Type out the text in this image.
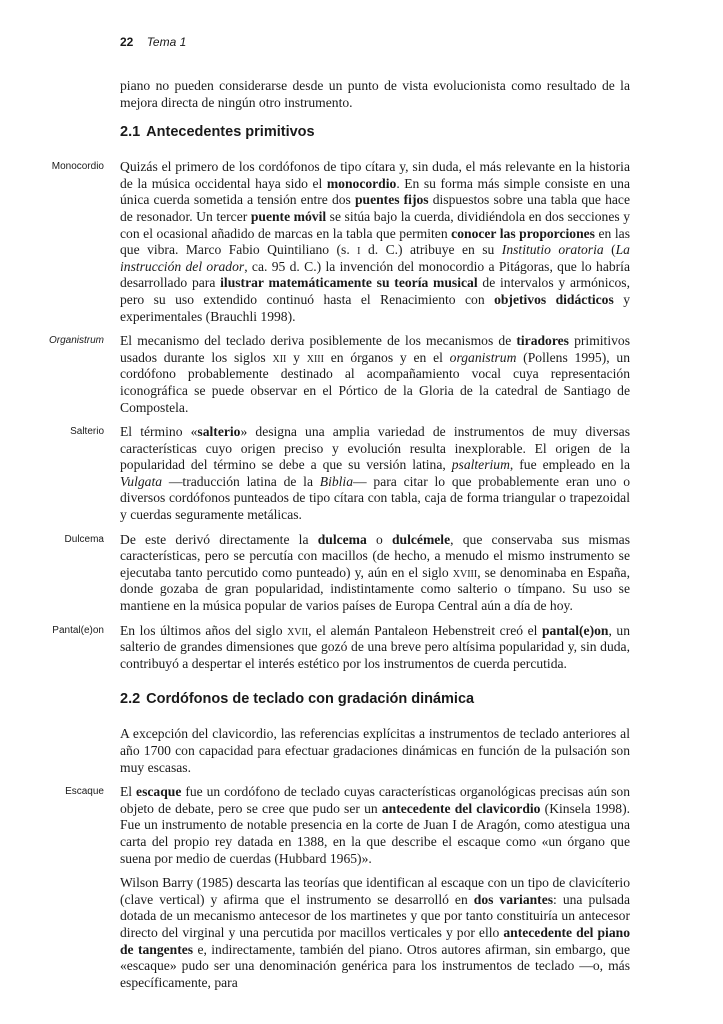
22 Tema 1

piano no pueden considerarse desde un punto de vista evolucionista como resultado de la mejora directa de ningún otro instrumento.

2.1 Antecedentes primitivos

Monocordio Quizás el primero de los cordófonos de tipo cítara y, sin duda, el más relevante en la historia de la música occidental haya sido el monocordio. En su forma más simple consiste en una única cuerda sometida a tensión entre dos puentes fijos dispuestos sobre una tabla que hace de resonador. Un tercer puente móvil se sitúa bajo la cuerda, dividiéndola en dos secciones y con el ocasional añadido de marcas en la tabla que permiten conocer las proporciones en las que vibra. Marco Fabio Quintiliano (s. i d. C.) atribuye en su Institutio oratoria (La instrucción del orador, ca. 95 d. C.) la invención del monocordio a Pitágoras, que lo habría desarrollado para ilustrar matemáticamente su teoría musical de intervalos y armónicos, pero su uso extendido continuó hasta el Renacimiento con objetivos didácticos y experimentales (Brauchli 1998).

Organistrum El mecanismo del teclado deriva posiblemente de los mecanismos de tiradores primitivos usados durante los siglos xii y xiii en órganos y en el organistrum (Pollens 1995), un cordófono probablemente destinado al acompañamiento vocal cuya representación iconográfica se puede observar en el Pórtico de la Gloria de la catedral de Santiago de Compostela.

Salterio El término «salterio» designa una amplia variedad de instrumentos de muy diversas características cuyo origen preciso y evolución resulta inexplorable. El origen de la popularidad del término se debe a que su versión latina, psalterium, fue empleado en la Vulgata —traducción latina de la Biblia— para citar lo que probablemente eran uno o diversos cordófonos punteados de tipo cítara con tabla, caja de forma triangular o trapezoidal y cuerdas seguramente metálicas.

Dulcema De este derivó directamente la dulcema o dulcémele, que conservaba sus mismas características, pero se percutía con macillos (de hecho, a menudo el mismo instrumento se ejecutaba tanto percutido como punteado) y, aún en el siglo xviii, se denominaba en España, donde gozaba de gran popularidad, indistintamente como salterio o tímpano. Su uso se mantiene en la música popular de varios países de Europa Central aún a día de hoy.

Pantal(e)on En los últimos años del siglo xvii, el alemán Pantaleon Hebenstreit creó el pantal(e)on, un salterio de grandes dimensiones que gozó de una breve pero altísima popularidad y, sin duda, contribuyó a despertar el interés estético por los instrumentos de cuerda percutida.

2.2 Cordófonos de teclado con gradación dinámica

A excepción del clavicordio, las referencias explícitas a instrumentos de teclado anteriores al año 1700 con capacidad para efectuar gradaciones dinámicas en función de la pulsación son muy escasas.

Escaque El escaque fue un cordófono de teclado cuyas características organológicas precisas aún son objeto de debate, pero se cree que pudo ser un antecedente del clavicordio (Kinsela 1998). Fue un instrumento de notable presencia en la corte de Juan I de Aragón, como atestigua una carta del propio rey datada en 1388, en la que describe el escaque como «un órgano que suena por medio de cuerdas (Hubbard 1965)».

Wilson Barry (1985) descarta las teorías que identifican al escaque con un tipo de clavicíterio (clave vertical) y afirma que el instrumento se desarrolló en dos variantes: una pulsada dotada de un mecanismo antecesor de los martinetes y que por tanto constituiría un antecesor directo del virginal y una percutida por macillos verticales y por ello antecedente del piano de tangentes e, indirectamente, también del piano. Otros autores afirman, sin embargo, que «escaque» pudo ser una denominación genérica para los instrumentos de teclado —o, más específicamente, para
